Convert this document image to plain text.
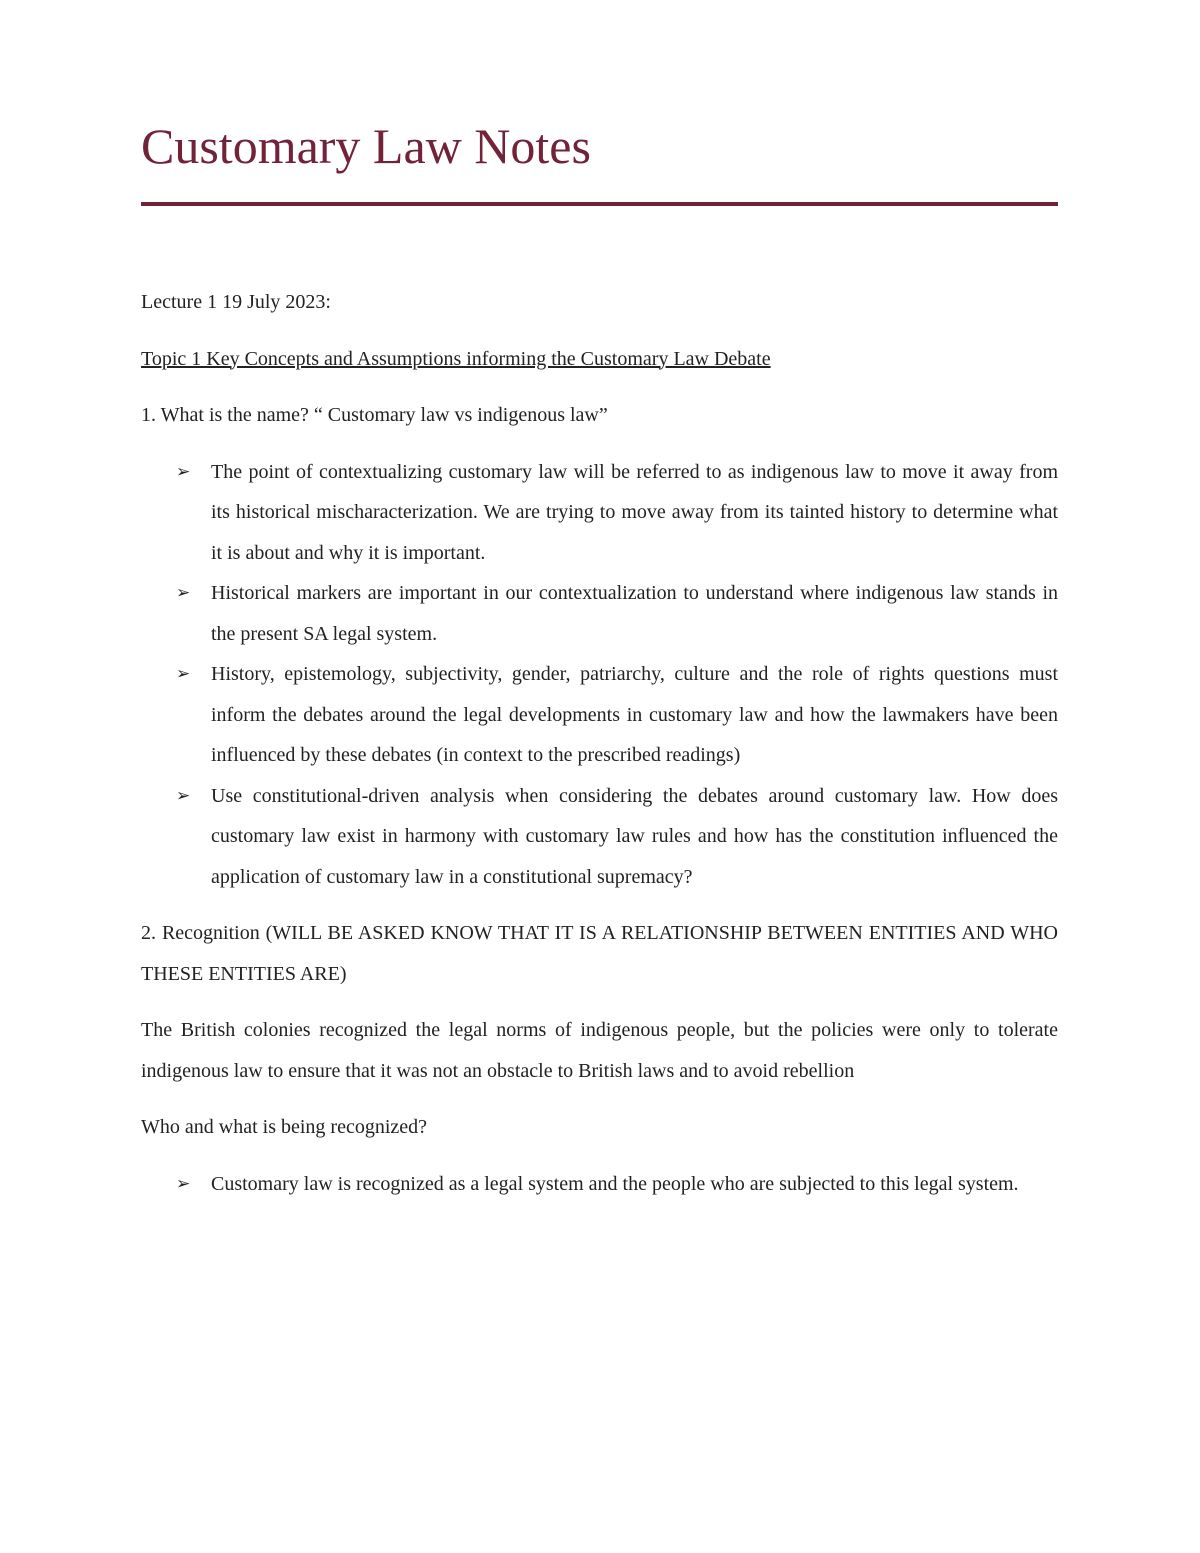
Customary Law Notes

Lecture 1 19 July 2023:

Topic 1 Key Concepts and Assumptions informing the Customary Law Debate

1. What is the name? “ Customary law vs indigenous law”

➢ The point of contextualizing customary law will be referred to as indigenous law to move it away from its historical mischaracterization. We are trying to move away from its tainted history to determine what it is about and why it is important.
➢ Historical markers are important in our contextualization to understand where indigenous law stands in the present SA legal system.
➢ History, epistemology, subjectivity, gender, patriarchy, culture and the role of rights questions must inform the debates around the legal developments in customary law and how the lawmakers have been influenced by these debates (in context to the prescribed readings)
➢ Use constitutional-driven analysis when considering the debates around customary law. How does customary law exist in harmony with customary law rules and how has the constitution influenced the application of customary law in a constitutional supremacy?

2. Recognition (WILL BE ASKED KNOW THAT IT IS A RELATIONSHIP BETWEEN ENTITIES AND WHO THESE ENTITIES ARE)

The British colonies recognized the legal norms of indigenous people, but the policies were only to tolerate indigenous law to ensure that it was not an obstacle to British laws and to avoid rebellion

Who and what is being recognized?

➢ Customary law is recognized as a legal system and the people who are subjected to this legal system.
